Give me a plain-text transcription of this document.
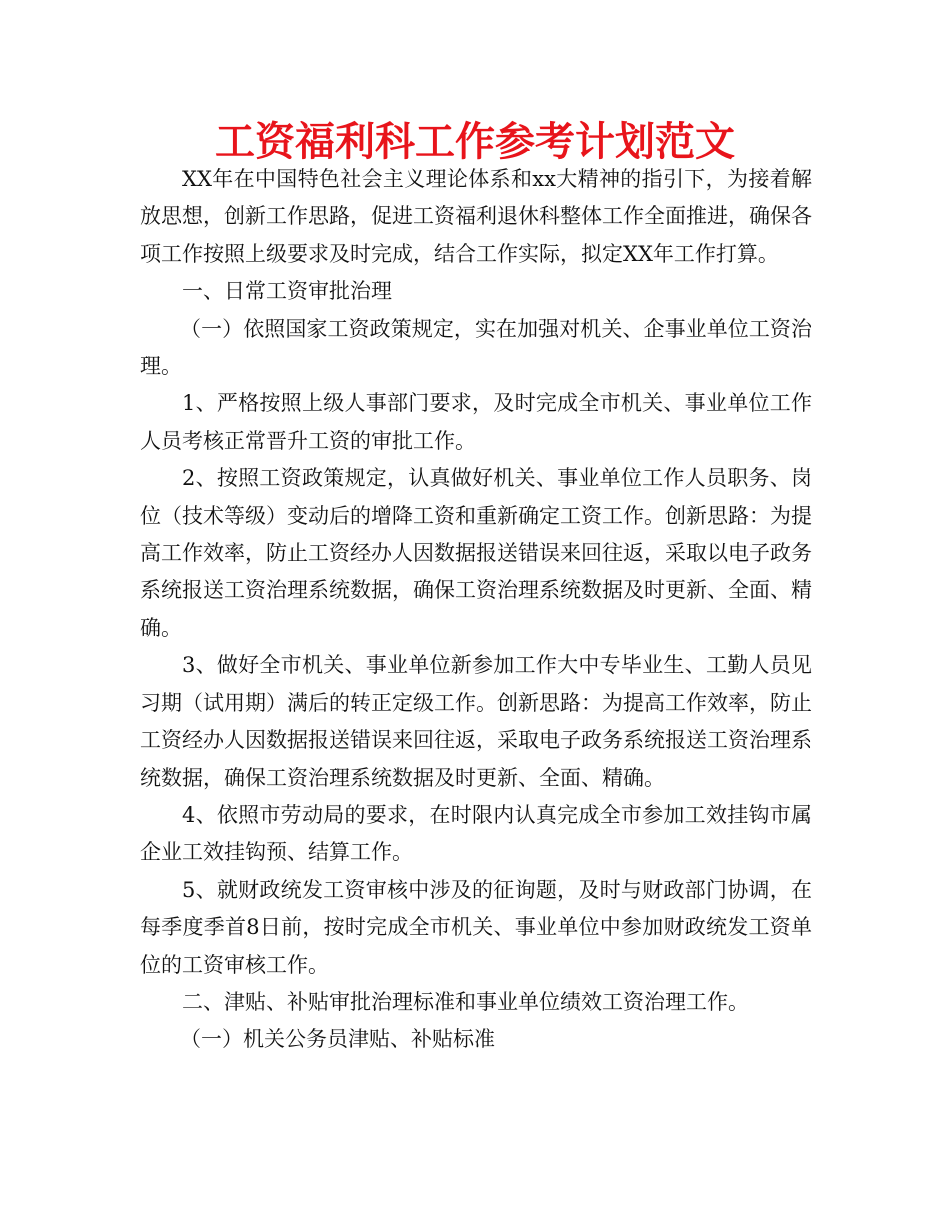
工资福利科工作参考计划范文

XX年在中国特色社会主义理论体系和xx大精神的指引下，为接着解放思想，创新工作思路，促进工资福利退休科整体工作全面推进，确保各项工作按照上级要求及时完成，结合工作实际，拟定XX年工作打算。

一、日常工资审批治理

（一）依照国家工资政策规定，实在加强对机关、企事业单位工资治理。

1、严格按照上级人事部门要求，及时完成全市机关、事业单位工作人员考核正常晋升工资的审批工作。

2、按照工资政策规定，认真做好机关、事业单位工作人员职务、岗位（技术等级）变动后的增降工资和重新确定工资工作。创新思路：为提高工作效率，防止工资经办人因数据报送错误来回往返，采取以电子政务系统报送工资治理系统数据，确保工资治理系统数据及时更新、全面、精确。

3、做好全市机关、事业单位新参加工作大中专毕业生、工勤人员见习期（试用期）满后的转正定级工作。创新思路：为提高工作效率，防止工资经办人因数据报送错误来回往返，采取电子政务系统报送工资治理系统数据，确保工资治理系统数据及时更新、全面、精确。

4、依照市劳动局的要求，在时限内认真完成全市参加工效挂钩市属企业工效挂钩预、结算工作。

5、就财政统发工资审核中涉及的征询题，及时与财政部门协调，在每季度季首8日前，按时完成全市机关、事业单位中参加财政统发工资单位的工资审核工作。

二、津贴、补贴审批治理标准和事业单位绩效工资治理工作。

（一）机关公务员津贴、补贴标准
